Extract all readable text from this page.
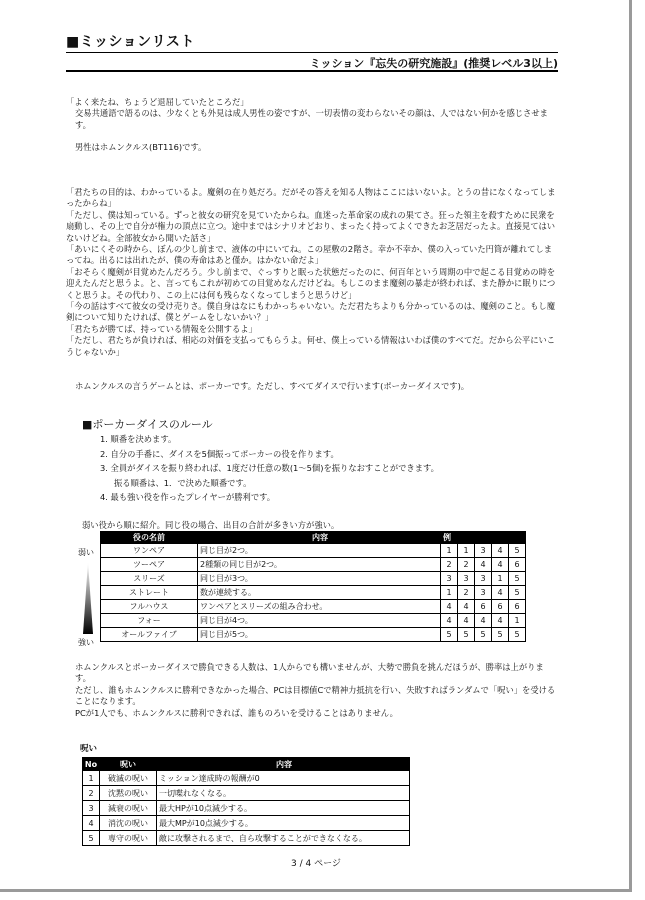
■ミッションリスト
ミッション『忘失の研究施設』(推奨レベル3以上)

「よく来たね、ちょうど退屈していたところだ」

交易共通語で語るのは、少なくとも外見は成人男性の姿ですが、一切表情の変わらないその顔は、人ではない何かを感じさせます。

男性はホムンクルス(BT116)です。

「君たちの目的は、わかっているよ。魔剣の在り処だろ。だがその答えを知る人物はここにはいないよ。とうの昔になくなってしまったからね」

「ただし、僕は知っている。ずっと彼女の研究を見ていたからね。血迷った革命家の成れの果てさ。狂った領主を殺すために民衆を扇動し、その上で自分が権力の頂点に立つ。途中まではシナリオどおり、まったく持ってよくできたお芝居だったよ。直接見てはいないけどね。全部彼女から聞いた話さ」

「あいにくその時から、ぼんの少し前まで、液体の中にいてね。この屋敷の2階さ。幸か不幸か、僕の入っていた円筒が離れてしまってね。出るには出れたが、僕の寿命はあと僅か。はかない命だよ」

「おそらく魔剣が目覚めたんだろう。少し前まで、ぐっすりと眠った状態だったのに、何百年という周期の中で起こる目覚めの時を迎えたんだと思うよ。と、言ってもこれが初めての目覚めなんだけどね。もしこのまま魔剣の暴走が終われば、また静かに眠りにつくと思うよ。その代わり、この上には何も残らなくなってしまうと思うけど」

「今の話はすべて彼女の受け売りさ。僕自身はなにもわかっちゃいない。ただ君たちよりも分かっているのは、魔剣のこと。もし魔剣について知りたければ、僕とゲームをしないかい？」

「君たちが勝てば、持っている情報を公開するよ」

「ただし、君たちが負ければ、相応の対価を支払ってもらうよ。何せ、僕上っている情報はいわば僕のすべてだ。だから公平にいこうじゃないか」

ホムンクルスの言うゲームとは、ポーカーです。ただし、すべてダイスで行います(ポーカーダイスです)。

■ポーカーダイスのルール
1. 順番を決めます。
2. 自分の手番に、ダイスを5個振ってポーカーの役を作ります。
3. 全員がダイスを振り終われば、1度だけ任意の数(1～5個)を振りなおすことができます。
振る順番は、1．で決めた順番です。
4. 最も強い役を作ったプレイヤーが勝利です。
弱い役から順に紹介。同じ役の場合、出目の合計が多きい方が強い。
弱い
強い
役の名前	内容	例				
ワンペア	同じ目が2つ。	1	1	3	4	5
ツーペア	2種類の同じ目が2つ。	2	2	4	4	6
スリーズ	同じ目が3つ。	3	3	3	1	5
ストレート	数が連続する。	1	2	3	4	5
フルハウス	ワンペアとスリーズの組み合わせ。	4	4	6	6	6
フォー	同じ目が4つ。	4	4	4	4	1
オールファイブ	同じ目が5つ。	5	5	5	5	5

ホムンクルスとポーカーダイスで勝負できる人数は、1人からでも構いませんが、大勢で勝負を挑んだほうが、勝率は上がります。

ただし、誰もホムンクルスに勝利できなかった場合、PCは目標値Cで精神力抵抗を行い、失敗すればランダムで「呪い」を受けることになります。

PCが1人でも、ホムンクルスに勝利できれば、誰ものろいを受けることはありません。

呪い
No	呪い	内容
1	破滅の呪い	ミッション達成時の報酬が0
2	沈黙の呪い	一切喋れなくなる。
3	減衰の呪い	最大HPが10点減少する。
4	消沈の呪い	最大MPが10点減少する。
5	専守の呪い	敵に攻撃されるまで、自ら攻撃することができなくなる。
3 / 4 ページ
